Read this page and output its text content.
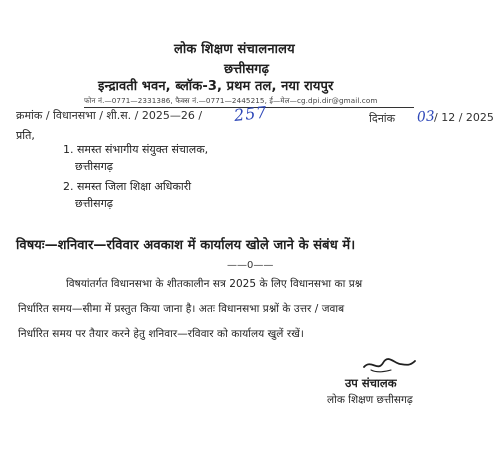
लोक शिक्षण संचालनालय
छत्तीसगढ़
इन्द्रावती भवन, ब्लॉक-3, प्रथम तल, नया रायपुर
फोन नं.—0771—2331386, फैक्स नं.—0771—2445215, ई—मेल—cg.dpi.dir@gmail.com
क्रमांक / विधानसभा / शी.स. / 2025—26 / 257	दिनांक 03
/ 12 / 2025
प्रति,
1. समस्त संभागीय संयुक्त संचालक,
छत्तीसगढ़
2. समस्त जिला शिक्षा अधिकारी
छत्तीसगढ़
विषयः—शनिवार—रविवार अवकाश में कार्यालय खोले जाने के संबंध में।
——0——
विषयांतर्गत विधानसभा के शीतकालीन सत्र 2025 के लिए विधानसभा का प्रश्न
निर्धारित समय—सीमा में प्रस्तुत किया जाना है। अतः विधानसभा प्रश्नों के उत्तर / जवाब
निर्धारित समय पर तैयार करने हेतु शनिवार—रविवार को कार्यालय खुलें रखें।
उप संचालक
लोक शिक्षण छत्तीसगढ़
